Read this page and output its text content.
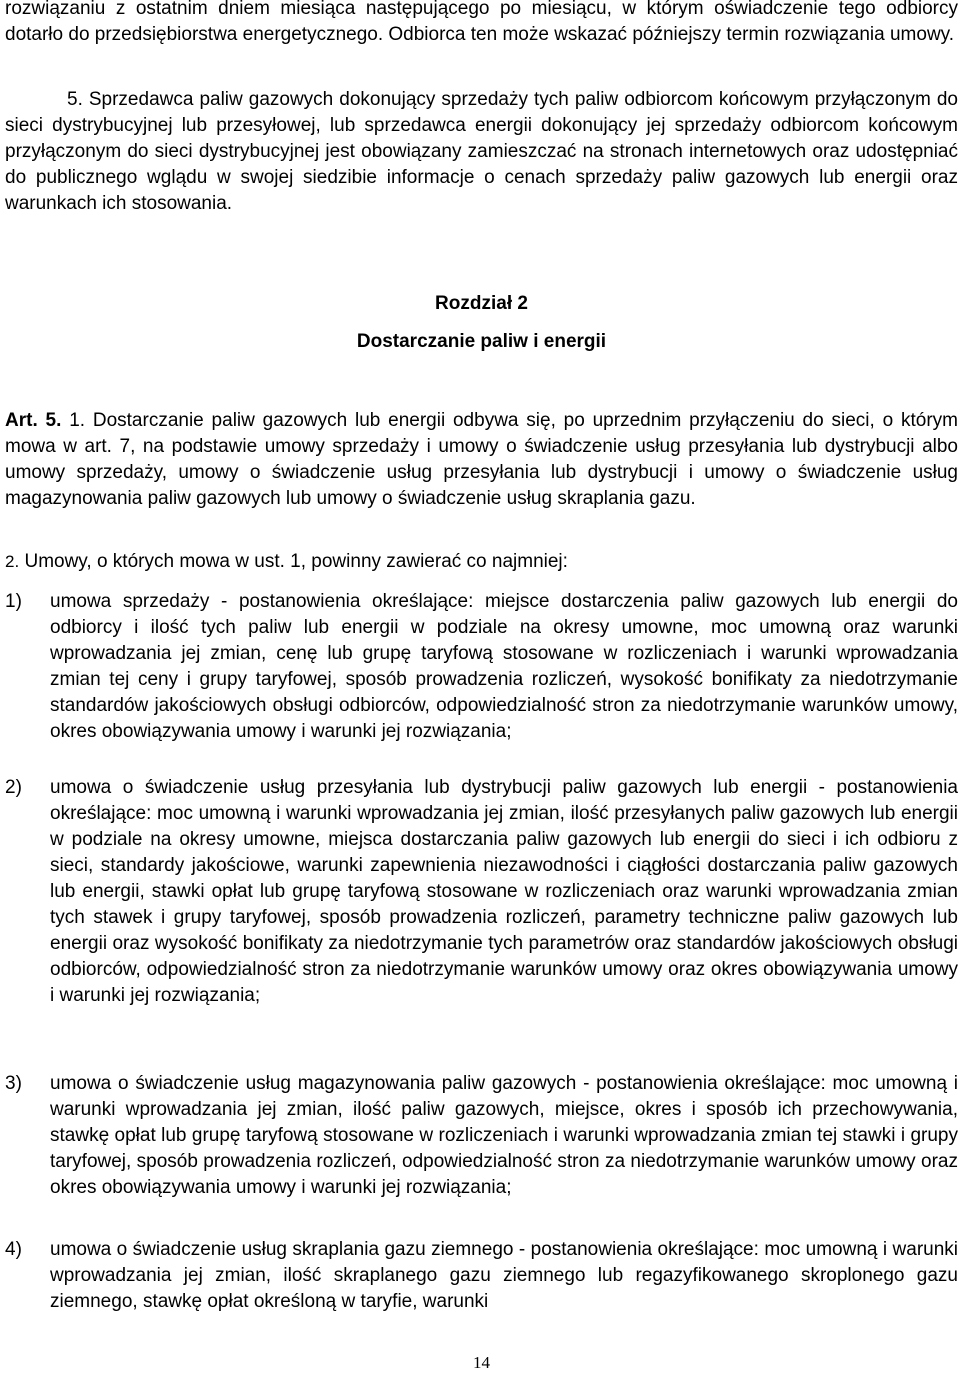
rozwiązaniu z ostatnim dniem miesiąca następującego po miesiącu, w którym oświadczenie tego odbiorcy dotarło do przedsiębiorstwa energetycznego. Odbiorca ten może wskazać późniejszy termin rozwiązania umowy.

5. Sprzedawca paliw gazowych dokonujący sprzedaży tych paliw odbiorcom końcowym przyłączonym do sieci dystrybucyjnej lub przesyłowej, lub sprzedawca energii dokonujący jej sprzedaży odbiorcom końcowym przyłączonym do sieci dystrybucyjnej jest obowiązany zamieszczać na stronach internetowych oraz udostępniać do publicznego wglądu w swojej siedzibie informacje o cenach sprzedaży paliw gazowych lub energii oraz warunkach ich stosowania.

Rozdział 2

Dostarczanie paliw i energii

Art. 5. 1. Dostarczanie paliw gazowych lub energii odbywa się, po uprzednim przyłączeniu do sieci, o którym mowa w art. 7, na podstawie umowy sprzedaży i umowy o świadczenie usług przesyłania lub dystrybucji albo umowy sprzedaży, umowy o świadczenie usług przesyłania lub dystrybucji i umowy o świadczenie usług magazynowania paliw gazowych lub umowy o świadczenie usług skraplania gazu.

2. Umowy, o których mowa w ust. 1, powinny zawierać co najmniej:

1) umowa sprzedaży - postanowienia określające: miejsce dostarczenia paliw gazowych lub energii do odbiorcy i ilość tych paliw lub energii w podziale na okresy umowne, moc umowną oraz warunki wprowadzania jej zmian, cenę lub grupę taryfową stosowane w rozliczeniach i warunki wprowadzania zmian tej ceny i grupy taryfowej, sposób prowadzenia rozliczeń, wysokość bonifikaty za niedotrzymanie standardów jakościowych obsługi odbiorców, odpowiedzialność stron za niedotrzymanie warunków umowy, okres obowiązywania umowy i warunki jej rozwiązania;

2) umowa o świadczenie usług przesyłania lub dystrybucji paliw gazowych lub energii - postanowienia określające: moc umowną i warunki wprowadzania jej zmian, ilość przesyłanych paliw gazowych lub energii w podziale na okresy umowne, miejsca dostarczania paliw gazowych lub energii do sieci i ich odbioru z sieci, standardy jakościowe, warunki zapewnienia niezawodności i ciągłości dostarczania paliw gazowych lub energii, stawki opłat lub grupę taryfową stosowane w rozliczeniach oraz warunki wprowadzania zmian tych stawek i grupy taryfowej, sposób prowadzenia rozliczeń, parametry techniczne paliw gazowych lub energii oraz wysokość bonifikaty za niedotrzymanie tych parametrów oraz standardów jakościowych obsługi odbiorców, odpowiedzialność stron za niedotrzymanie warunków umowy oraz okres obowiązywania umowy i warunki jej rozwiązania;

3) umowa o świadczenie usług magazynowania paliw gazowych - postanowienia określające: moc umowną i warunki wprowadzania jej zmian, ilość paliw gazowych, miejsce, okres i sposób ich przechowywania, stawkę opłat lub grupę taryfową stosowane w rozliczeniach i warunki wprowadzania zmian tej stawki i grupy taryfowej, sposób prowadzenia rozliczeń, odpowiedzialność stron za niedotrzymanie warunków umowy oraz okres obowiązywania umowy i warunki jej rozwiązania;

4) umowa o świadczenie usług skraplania gazu ziemnego - postanowienia określające: moc umowną i warunki wprowadzania jej zmian, ilość skraplanego gazu ziemnego lub regazyfikowanego skroplonego gazu ziemnego, stawkę opłat określoną w taryfie, warunki

14
